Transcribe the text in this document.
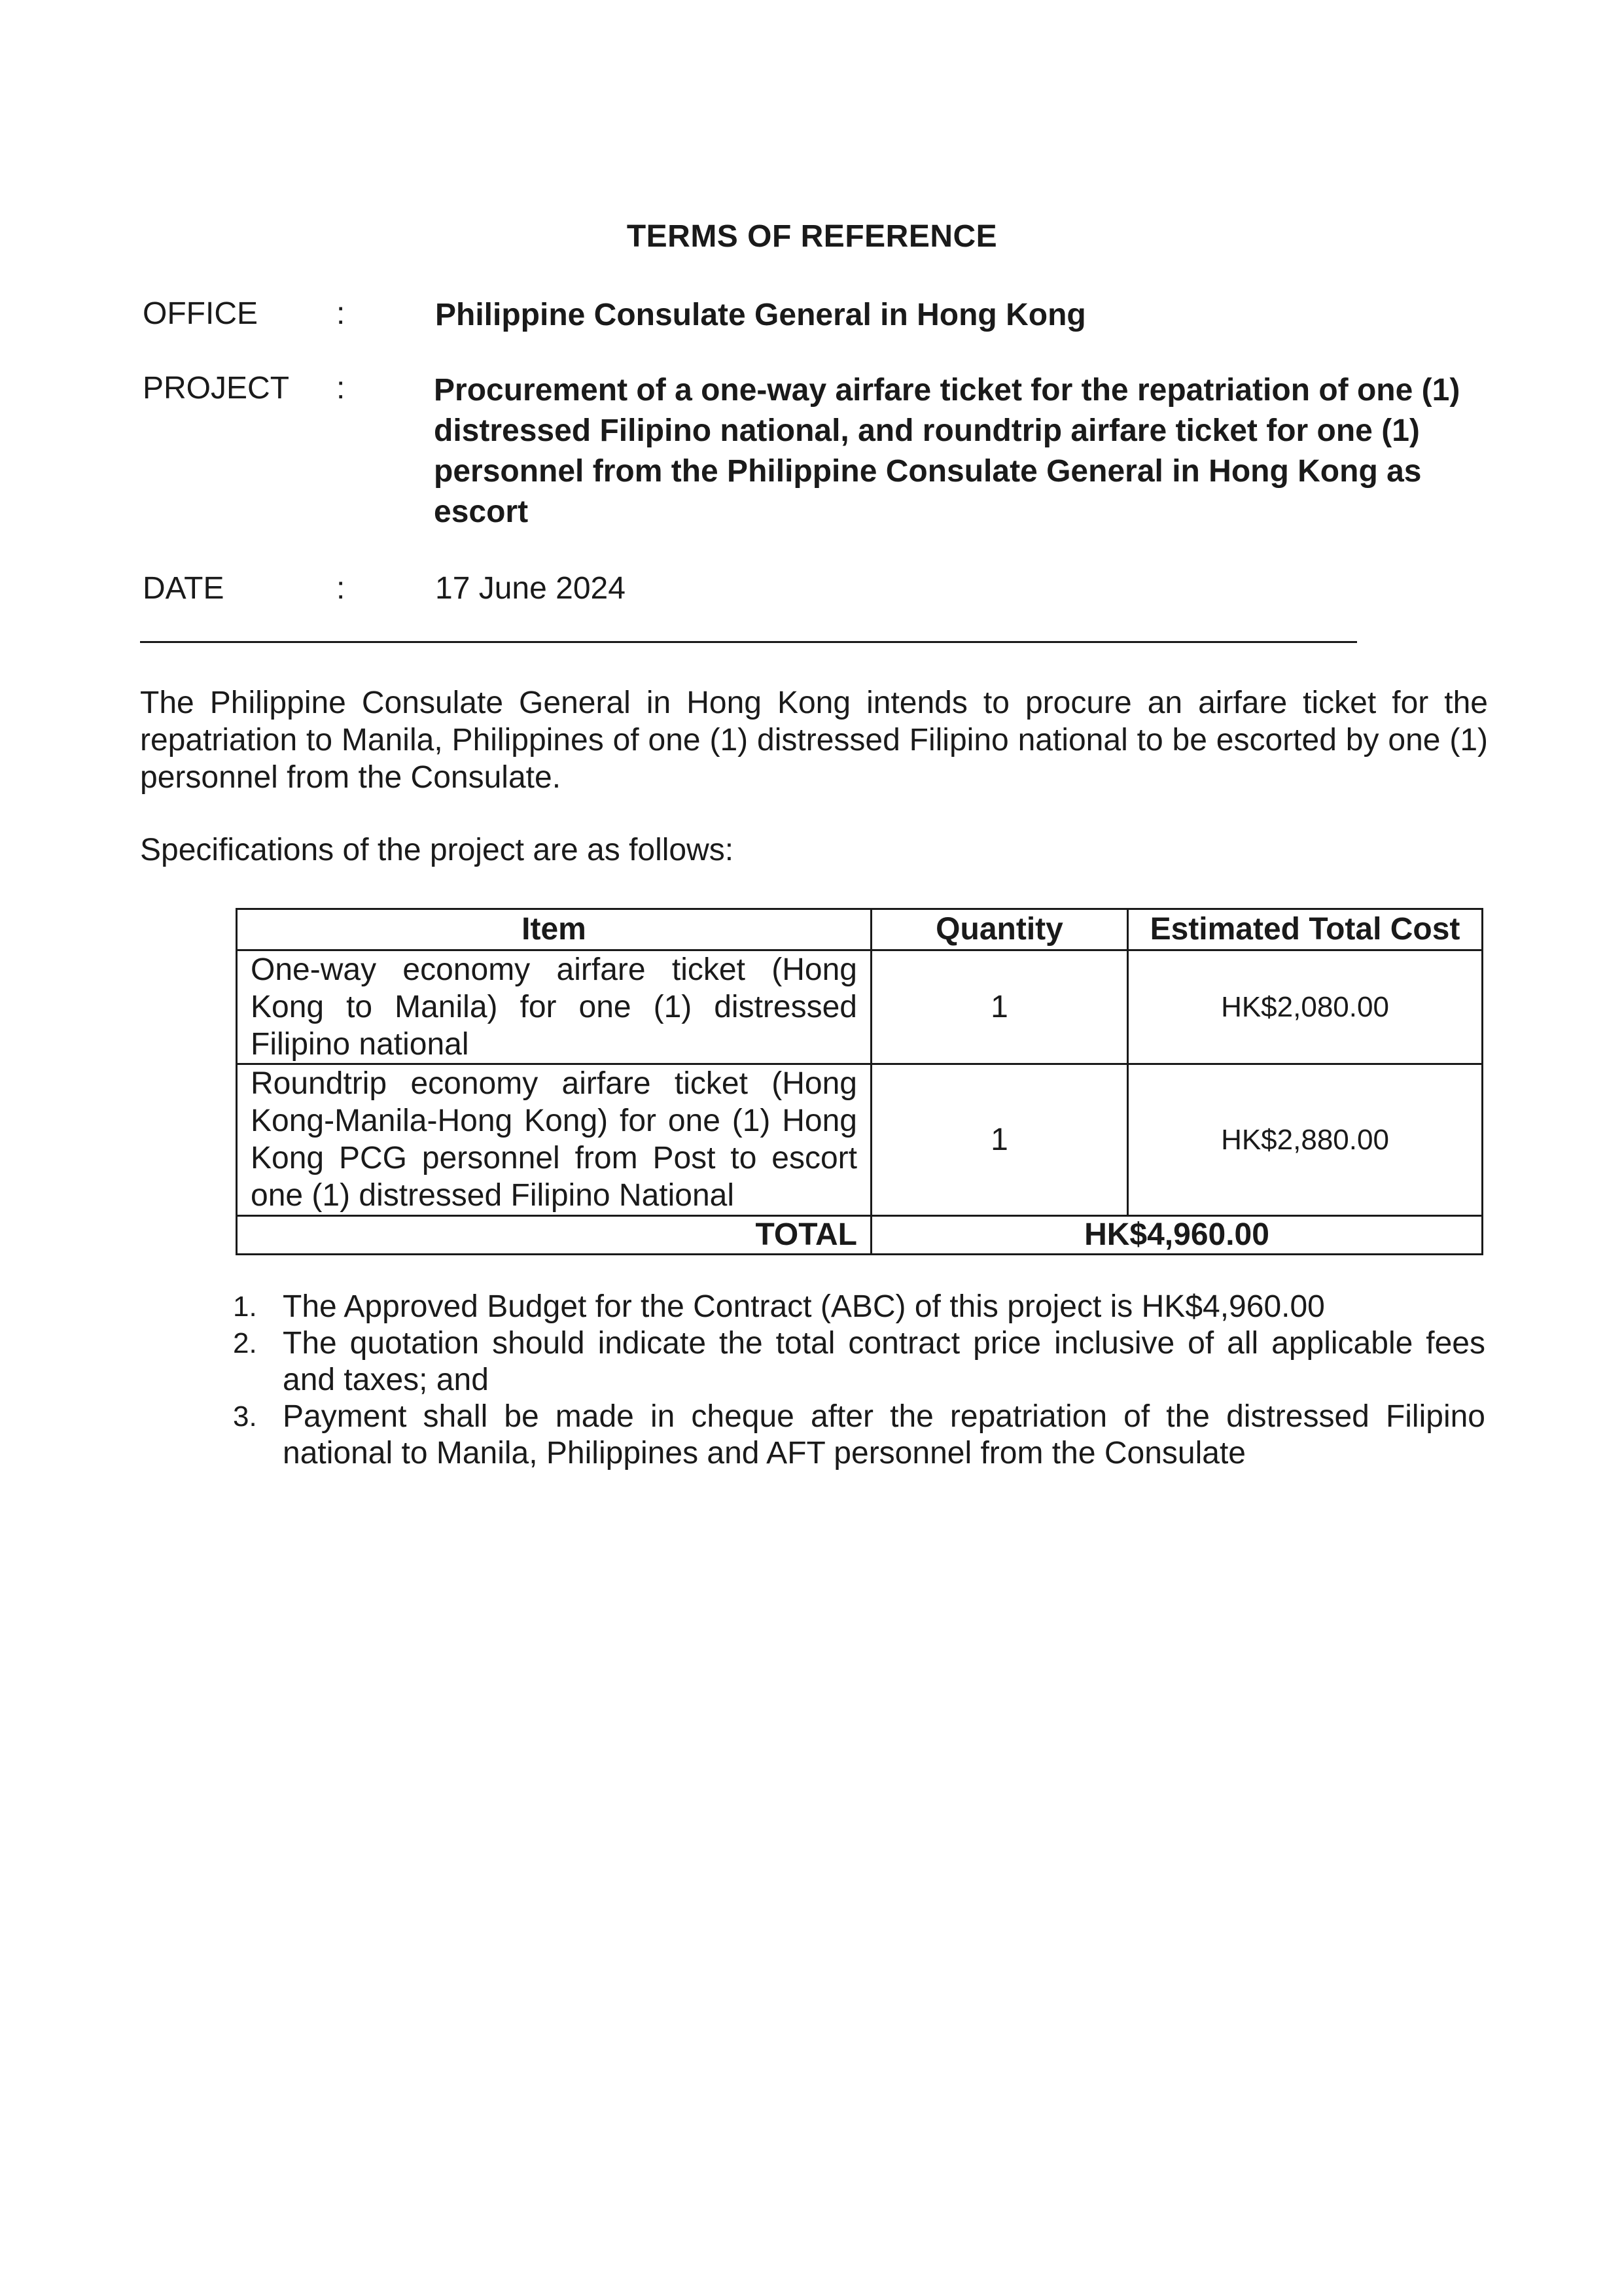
TERMS OF REFERENCE
OFFICE	:	Philippine Consulate General in Hong Kong
PROJECT :	Procurement of a one-way airfare ticket for the repatriation of one (1) distressed Filipino national, and roundtrip airfare ticket for one (1) personnel from the Philippine Consulate General in Hong Kong as escort
DATE	:	17 June 2024
The Philippine Consulate General in Hong Kong intends to procure an airfare ticket for the repatriation to Manila, Philippines of one (1) distressed Filipino national to be escorted by one (1) personnel from the Consulate.
Specifications of the project are as follows:
Item	Quantity	Estimated Total Cost
One-way economy airfare ticket (Hong Kong to Manila) for one (1) distressed Filipino national	1	HK$2,080.00
Roundtrip economy airfare ticket (Hong Kong-Manila-Hong Kong) for one (1) Hong Kong PCG personnel from Post to escort one (1) distressed Filipino National	1	HK$2,880.00
TOTAL	HK$4,960.00	
1. The Approved Budget for the Contract (ABC) of this project is HK$4,960.00
2. The quotation should indicate the total contract price inclusive of all applicable fees and taxes; and
3. Payment shall be made in cheque after the repatriation of the distressed Filipino national to Manila, Philippines and AFT personnel from the Consulate
